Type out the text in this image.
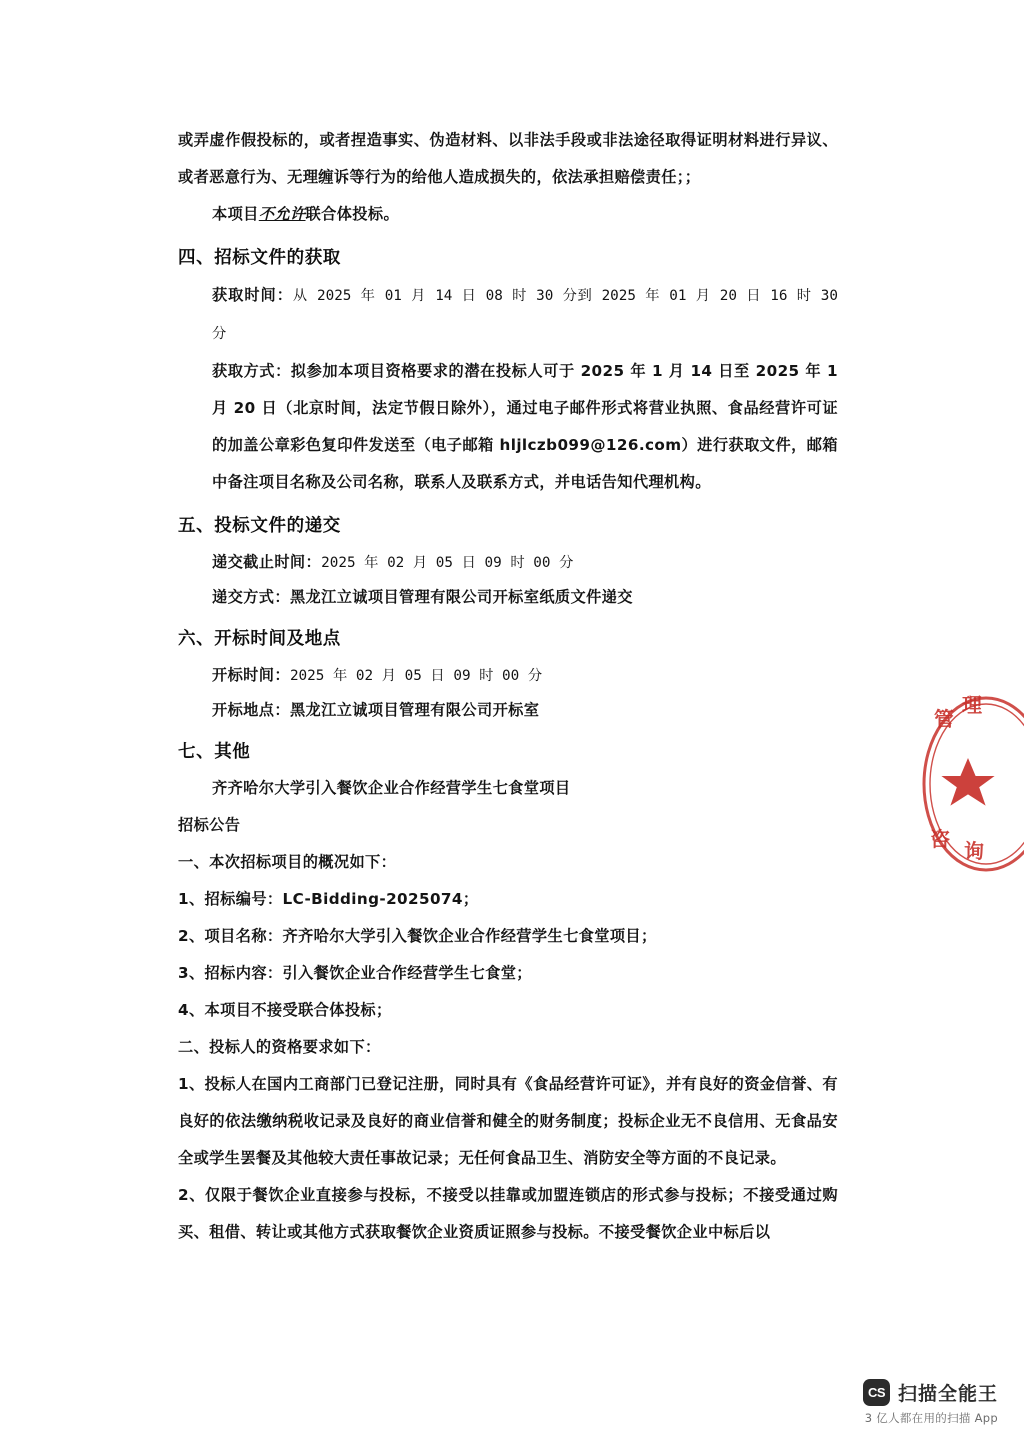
或弄虚作假投标的，或者捏造事实、伪造材料、以非法手段或非法途径取得证明材料进行异议、或者恶意行为、无理缠诉等行为的给他人造成损失的，依法承担赔偿责任；；

本项目不允许联合体投标。

四、招标文件的获取

获取时间：从 2025 年 01 月 14 日 08 时 30 分到 2025 年 01 月 20 日 16 时 30 分

获取方式：拟参加本项目资格要求的潜在投标人可于 2025 年 1 月 14 日至 2025 年 1 月 20 日（北京时间，法定节假日除外），通过电子邮件形式将营业执照、食品经营许可证的加盖公章彩色复印件发送至（电子邮箱 hljlczb099@126.com）进行获取文件，邮箱中备注项目名称及公司名称，联系人及联系方式，并电话告知代理机构。

五、投标文件的递交

递交截止时间：2025 年 02 月 05 日 09 时 00 分

递交方式：黑龙江立诚项目管理有限公司开标室纸质文件递交

六、开标时间及地点

开标时间：2025 年 02 月 05 日 09 时 00 分

开标地点：黑龙江立诚项目管理有限公司开标室

七、其他

齐齐哈尔大学引入餐饮企业合作经营学生七食堂项目

招标公告

一、本次招标项目的概况如下：

1、招标编号：LC-Bidding-2025074；

2、项目名称：齐齐哈尔大学引入餐饮企业合作经营学生七食堂项目；

3、招标内容：引入餐饮企业合作经营学生七食堂；

4、本项目不接受联合体投标；

二、投标人的资格要求如下：

1、投标人在国内工商部门已登记注册，同时具有《食品经营许可证》，并有良好的资金信誉、有良好的依法缴纳税收记录及良好的商业信誉和健全的财务制度；投标企业无不良信用、无食品安全或学生罢餐及其他较大责任事故记录；无任何食品卫生、消防安全等方面的不良记录。

2、仅限于餐饮企业直接参与投标，不接受以挂靠或加盟连锁店的形式参与投标；不接受通过购买、租借、转让或其他方式获取餐饮企业资质证照参与投标。不接受餐饮企业中标后以

管
理
咨 询
CS 扫描全能王
3 亿人都在用的扫描 App
